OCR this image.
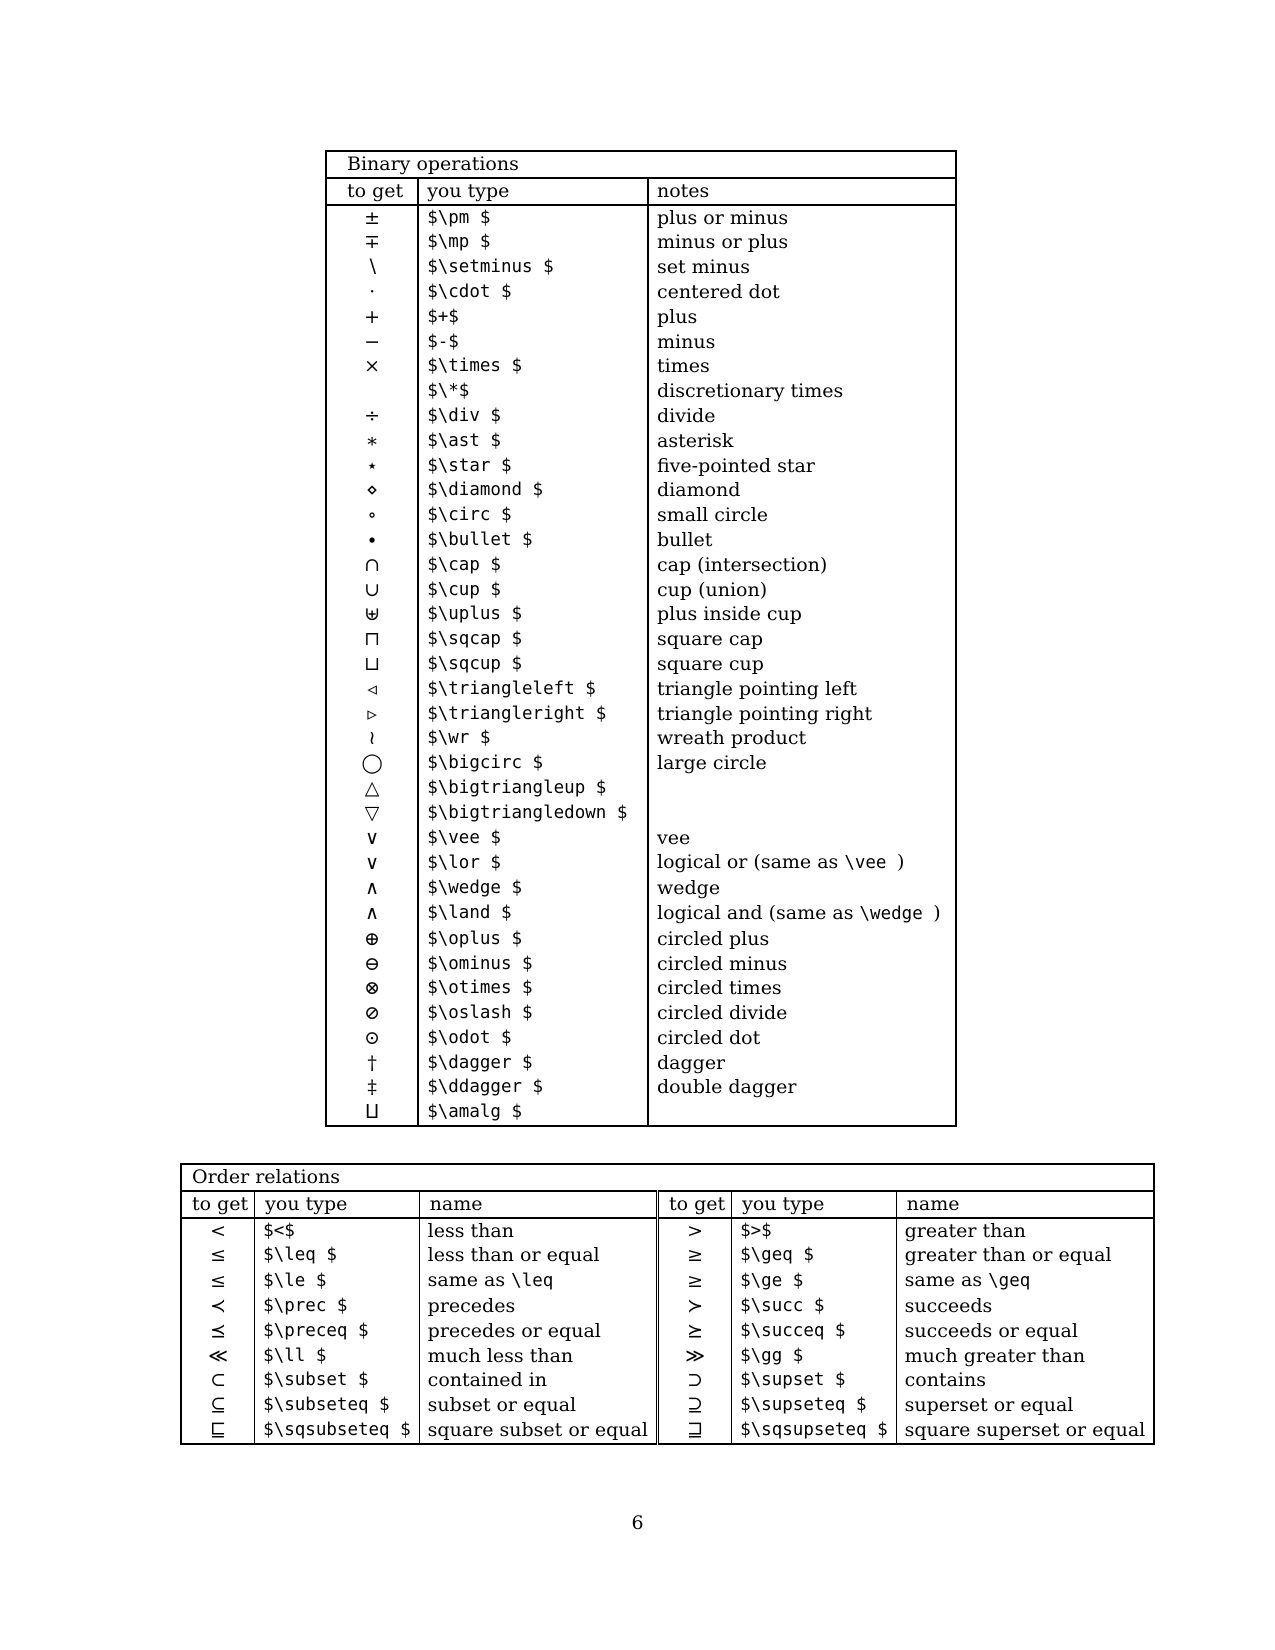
Binary operations		
to get	you type	notes
±	$\pm $	plus or minus
∓	$\mp $	minus or plus
∖	$\setminus $	set minus
·	$\cdot $	centered dot
+	$+$	plus
−	$-$	minus
×	$\times $	times
	$\*$	discretionary times
÷	$\div $	divide
∗	$\ast $	asterisk
⋆	$\star $	five-pointed star
⋄	$\diamond $	diamond
∘	$\circ $	small circle
∙	$\bullet $	bullet
∩	$\cap $	cap (intersection)
∪	$\cup $	cup (union)
⊎	$\uplus $	plus inside cup
⊓	$\sqcap $	square cap
⊔	$\sqcup $	square cup
◃	$\triangleleft $	triangle pointing left
▹	$\triangleright $	triangle pointing right
≀	$\wr $	wreath product
◯	$\bigcirc $	large circle
△	$\bigtriangleup $	
▽	$\bigtriangledown $	
∨	$\vee $	vee
∨	$\lor $	logical or (same as \vee )
∧	$\wedge $	wedge
∧	$\land $	logical and (same as \wedge )
⊕	$\oplus $	circled plus
⊖	$\ominus $	circled minus
⊗	$\otimes $	circled times
⊘	$\oslash $	circled divide
⊙	$\odot $	circled dot
†	$\dagger $	dagger
‡	$\ddagger $	double dagger
⨿	$\amalg $	
Order relations					
to get	you type	name	to get	you type	name
<	$<$	less than	>	$>$	greater than
≤	$\leq $	less than or equal	≥	$\geq $	greater than or equal
≤	$\le $	same as \leq	≥	$\ge $	same as \geq
≺	$\prec $	precedes	≻	$\succ $	succeeds
⪯	$\preceq $	precedes or equal	⪰	$\succeq $	succeeds or equal
≪	$\ll $	much less than	≫	$\gg $	much greater than
⊂	$\subset $	contained in	⊃	$\supset $	contains
⊆	$\subseteq $	subset or equal	⊇	$\supseteq $	superset or equal
⊑	$\sqsubseteq $	square subset or equal	⊒	$\sqsupseteq $	square superset or equal
6
